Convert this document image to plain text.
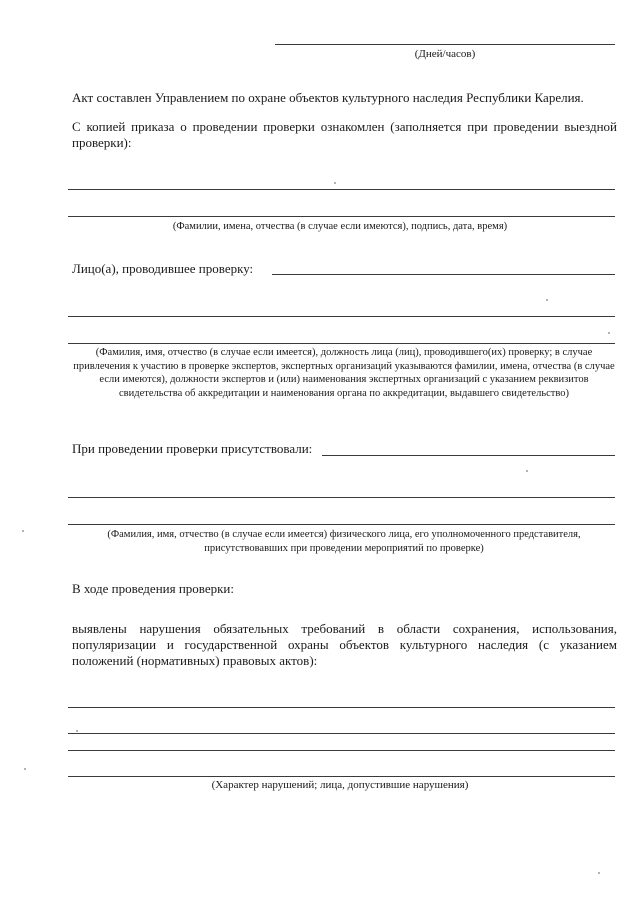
(Дней/часов)

Акт составлен Управлением по охране объектов культурного наследия Республики Карелия.

С копией приказа о проведении проверки ознакомлен (заполняется при проведении выездной проверки):

(Фамилии, имена, отчества (в случае если имеются), подпись, дата, время)

Лицо(а), проводившее проверку:

(Фамилия, имя, отчество (в случае если имеется), должность лица (лиц), проводившего(их) проверку; в случае привлечения к участию в проверке экспертов, экспертных организаций указываются фамилии, имена, отчества (в случае если имеются), должности экспертов и (или) наименования экспертных организаций с указанием реквизитов свидетельства об аккредитации и наименования органа по аккредитации, выдавшего свидетельство)

При проведении проверки присутствовали:

(Фамилия, имя, отчество (в случае если имеется) физического лица, его уполномоченного представителя, присутствовавших при проведении мероприятий по проверке)

В ходе проведения проверки:

выявлены нарушения обязательных требований в области сохранения, использования, популяризации и государственной охраны объектов культурного наследия (с указанием положений (нормативных) правовых актов):

(Характер нарушений; лица, допустившие нарушения)
